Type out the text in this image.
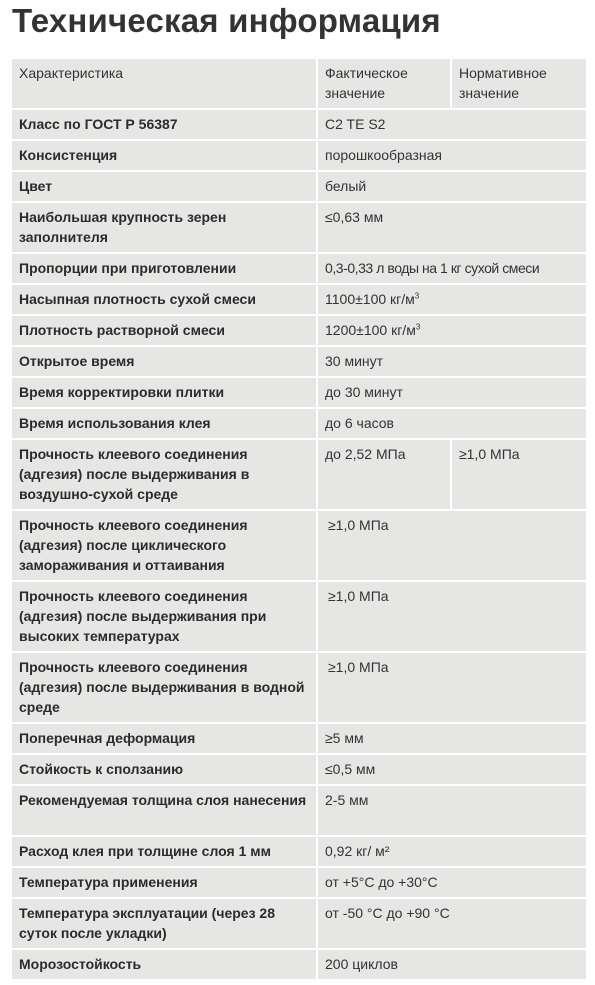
Техническая информация
Характеристика	Фактическое значение	Нормативное значение
Класс по ГОСТ Р 56387	C2 TE S2	
Консистенция	порошкообразная	
Цвет	белый	
Наибольшая крупность зерен заполнителя	≤0,63 мм	
Пропорции при приготовлении	0,3-0,33 л воды на 1 кг сухой смеси	
Насыпная плотность сухой смеси	1100±100 $кг/м^3$
Плотность растворной смеси	1200±100 $кг/м^3$
Открытое время	30 минут	
Время корректировки плитки	до 30 минут	
Время использования клея	до 6 часов	
Прочность клеевого соединения (адгезия) после выдерживания в воздушно-сухой среде	до 2,52 МПа	≥1,0 МПа
Прочность клеевого соединения (адгезия) после циклического замораживания и оттаивания	≥1,0 МПа	
Прочность клеевого соединения (адгезия) после выдерживания при высоких температурах	≥1,0 МПа	
Прочность клеевого соединения (адгезия) после выдерживания в водной среде	≥1,0 МПа	
Поперечная деформация	≥5 мм	
Стойкость к сползанию	≤0,5 мм	
Рекомендуемая толщина слоя нанесения	2-5 мм	
Расход клея при толщине слоя 1 мм	0,92 кг/ м²	
Температура применения	от +5°C до +30°C	
Температура эксплуатации (через 28 суток после укладки)	от -50 °C до +90 °C	
Морозостойкость	200 циклов	
